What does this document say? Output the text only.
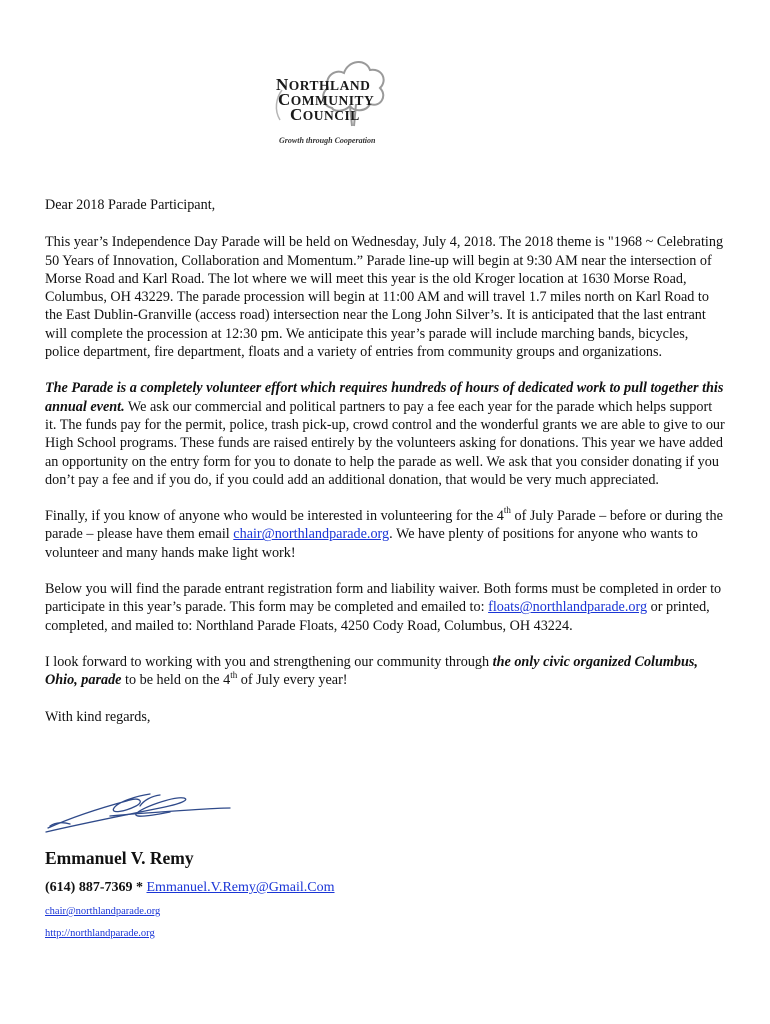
NORTHLAND
COMMUNITY
COUNCIL
Growth through Cooperation

Dear 2018 Parade Participant,

This year’s Independence Day Parade will be held on Wednesday, July 4, 2018. The 2018 theme is "1968 ~ Celebrating 50 Years of Innovation, Collaboration and Momentum.” Parade line-up will begin at 9:30 AM near the intersection of Morse Road and Karl Road. The lot where we will meet this year is the old Kroger location at 1630 Morse Road, Columbus, OH 43229. The parade procession will begin at 11:00 AM and will travel 1.7 miles north on Karl Road to the East Dublin-Granville (access road) intersection near the Long John Silver’s. It is anticipated that the last entrant will complete the procession at 12:30 pm. We anticipate this year’s parade will include marching bands, bicycles, police department, fire department, floats and a variety of entries from community groups and organizations.

The Parade is a completely volunteer effort which requires hundreds of hours of dedicated work to pull together this annual event. We ask our commercial and political partners to pay a fee each year for the parade which helps support it. The funds pay for the permit, police, trash pick-up, crowd control and the wonderful grants we are able to give to our High School programs. These funds are raised entirely by the volunteers asking for donations. This year we have added an opportunity on the entry form for you to donate to help the parade as well. We ask that you consider donating if you don’t pay a fee and if you do, if you could add an additional donation, that would be very much appreciated.

Finally, if you know of anyone who would be interested in volunteering for the 4th of July Parade – before or during the parade – please have them email chair@northlandparade.org. We have plenty of positions for anyone who wants to volunteer and many hands make light work!

Below you will find the parade entrant registration form and liability waiver. Both forms must be completed in order to participate in this year’s parade. This form may be completed and emailed to: floats@northlandparade.org or printed, completed, and mailed to: Northland Parade Floats, 4250 Cody Road, Columbus, OH 43224.

I look forward to working with you and strengthening our community through the only civic organized Columbus, Ohio, parade to be held on the 4th of July every year!

With kind regards,

Emmanuel V. Remy
(614) 887-7369 * Emmanuel.V.Remy@Gmail.Com
chair@northlandparade.org
http://northlandparade.org
